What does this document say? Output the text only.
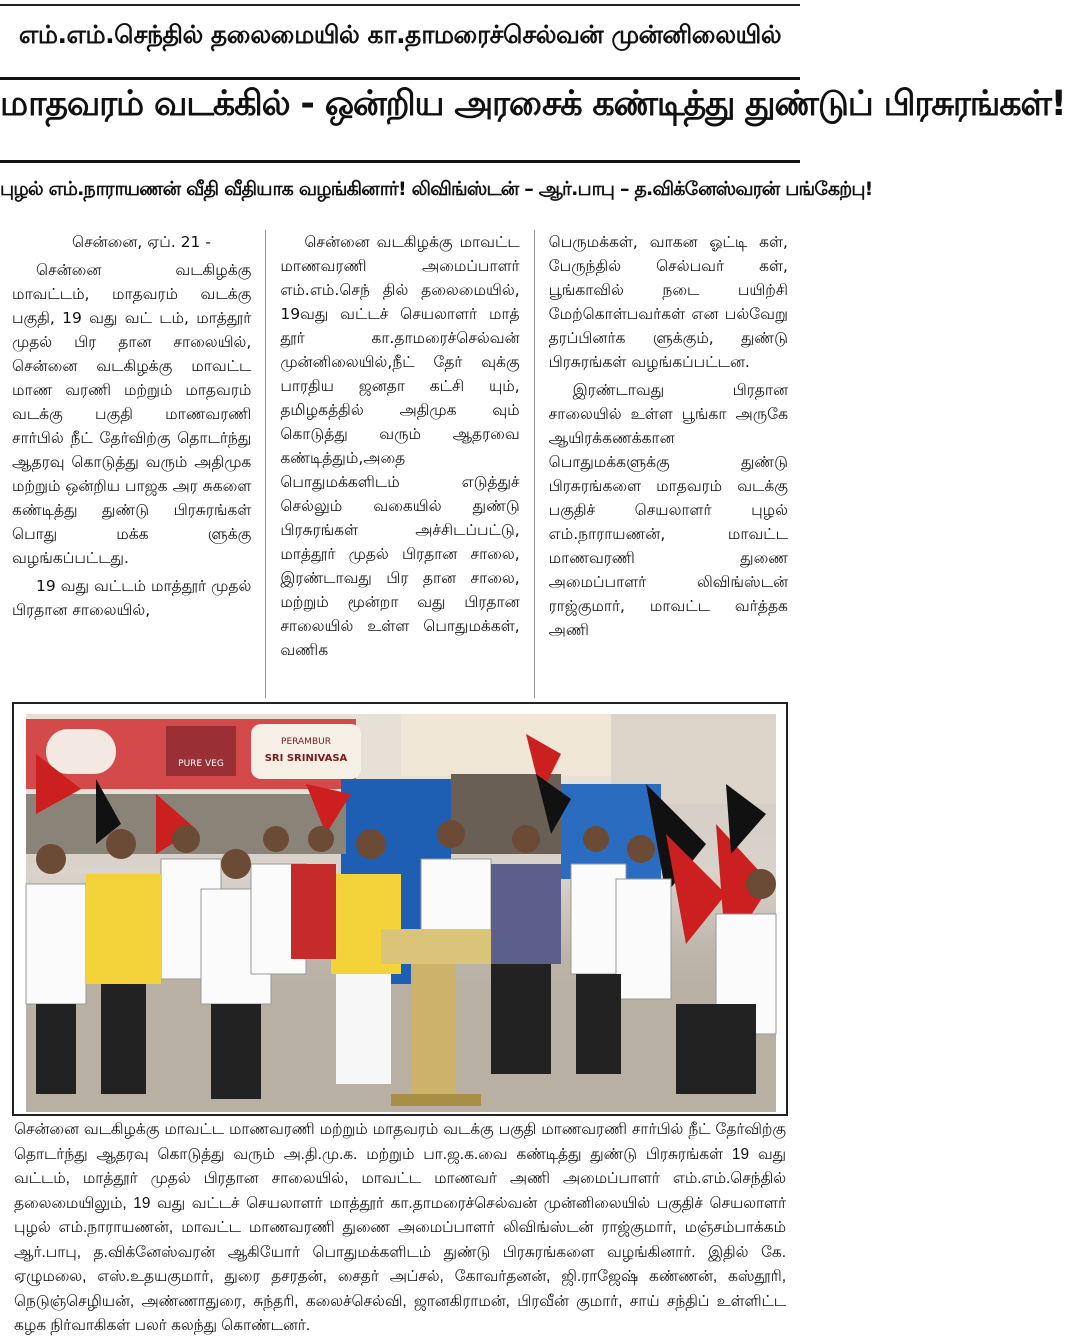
எம்.எம்.செந்தில் தலைமையில் கா.தாமரைச்செல்வன் முன்னிலையில்
மாதவரம் வடக்கில் - ஒன்றிய அரசைக் கண்டித்து துண்டுப் பிரசுரங்கள்!
புழல் எம்.நாராயணன் வீதி வீதியாக வழங்கினார்! லிவிங்ஸ்டன் – ஆர்.பாபு – த.விக்னேஸ்வரன் பங்கேற்பு!

சென்னை, ஏப். 21 -

சென்னை வடகிழக்கு மாவட்டம், மாதவரம் வடக்கு பகுதி, 19 வது வட் டம், மாத்தூர் முதல் பிர தான சாலையில், சென்னை வடகிழக்கு மாவட்ட மாண வரணி மற்றும் மாதவரம் வடக்கு பகுதி மாணவரணி சார்பில் நீட் தேர்விற்கு தொடர்ந்து ஆதரவு கொடுத்து வரும் அதிமுக மற்றும் ஒன்றிய பாஜக அர சுகளை கண்டித்து துண்டு பிரசுரங்கள் பொது மக்க ளுக்கு வழங்கப்பட்டது.

19 வது வட்டம் மாத்தூர் முதல் பிரதான சாலையில்,

சென்னை வடகிழக்கு மாவட்ட மாணவரணி அமைப்பாளர் எம்.எம்.செந் தில் தலைமையில், 19வது வட்டச் செயலாளர் மாத் தூர் கா.தாமரைச்செல்வன் முன்னிலையில்,நீட் தேர் வுக்கு பாரதிய ஜனதா கட்சி யும், தமிழகத்தில் அதிமுக வும் கொடுத்து வரும் ஆதரவை கண்டித்தும்,அதை பொதுமக்களிடம் எடுத்துச் செல்லும் வகையில் துண்டு பிரசுரங்கள் அச்சிடப்பட்டு, மாத்தூர் முதல் பிரதான சாலை, இரண்டாவது பிர தான சாலை, மற்றும் மூன்றா வது பிரதான சாலையில் உள்ள பொதுமக்கள், வணிக

பெருமக்கள், வாகன ஓட்டி கள், பேருந்தில் செல்பவர் கள், பூங்காவில் நடை பயிற்சி மேற்கொள்பவர்கள் என பல்வேறு தரப்பினர்க ளுக்கும், துண்டு பிரசுரங்கள் வழங்கப்பட்டன.

இரண்டாவது பிரதான சாலையில் உள்ள பூங்கா அருகே ஆயிரக்கணக்கான பொதுமக்களுக்கு துண்டு பிரசுரங்களை மாதவரம் வடக்கு பகுதிச் செயலாளர் புழல் எம்.நாராயணன், மாவட்ட மாணவரணி துணை அமைப்பாளர் லிவிங்ஸ்டன் ராஜ்குமார், மாவட்ட வர்த்தக அணி

PURE VEG
PERAMBUR
SRI SRINIVASA
சென்னை வடகிழக்கு மாவட்ட மாணவரணி மற்றும் மாதவரம் வடக்கு பகுதி மாணவரணி சார்பில் நீட் தேர்விற்கு தொடர்ந்து ஆதரவு கொடுத்து வரும் அ.தி.மு.க. மற்றும் பா.ஜ.க.வை கண்டித்து துண்டு பிரசுரங்கள் 19 வது வட்டம், மாத்தூர் முதல் பிரதான சாலையில், மாவட்ட மாணவர் அணி அமைப்பாளர் எம்.எம்.செந்தில் தலைமையிலும், 19 வது வட்டச் செயலாளர் மாத்தூர் கா.தாமரைச்செல்வன் முன்னிலையில் பகுதிச் செயலாளர் புழல் எம்.நாராயணன், மாவட்ட மாணவரணி துணை அமைப்பாளர் லிவிங்ஸ்டன் ராஜ்குமார், மஞ்சம்பாக்கம் ஆர்.பாபு, த.விக்னேஸ்வரன் ஆகியோர் பொதுமக்களிடம் துண்டு பிரசுரங்களை வழங்கினார். இதில் கே. ஏழுமலை, எஸ்.உதயகுமார், துரை தசரதன், சைதர் அப்சல், கோவர்தனன், ஜி.ராஜேஷ் கண்ணன், கஸ்தூரி, நெடுஞ்செழியன், அண்ணாதுரை, சுந்தரி, கலைச்செல்வி, ஜானகிராமன், பிரவீன் குமார், சாய் சந்திப் உள்ளிட்ட கழக நிர்வாகிகள் பலர் கலந்து கொண்டனர்.
